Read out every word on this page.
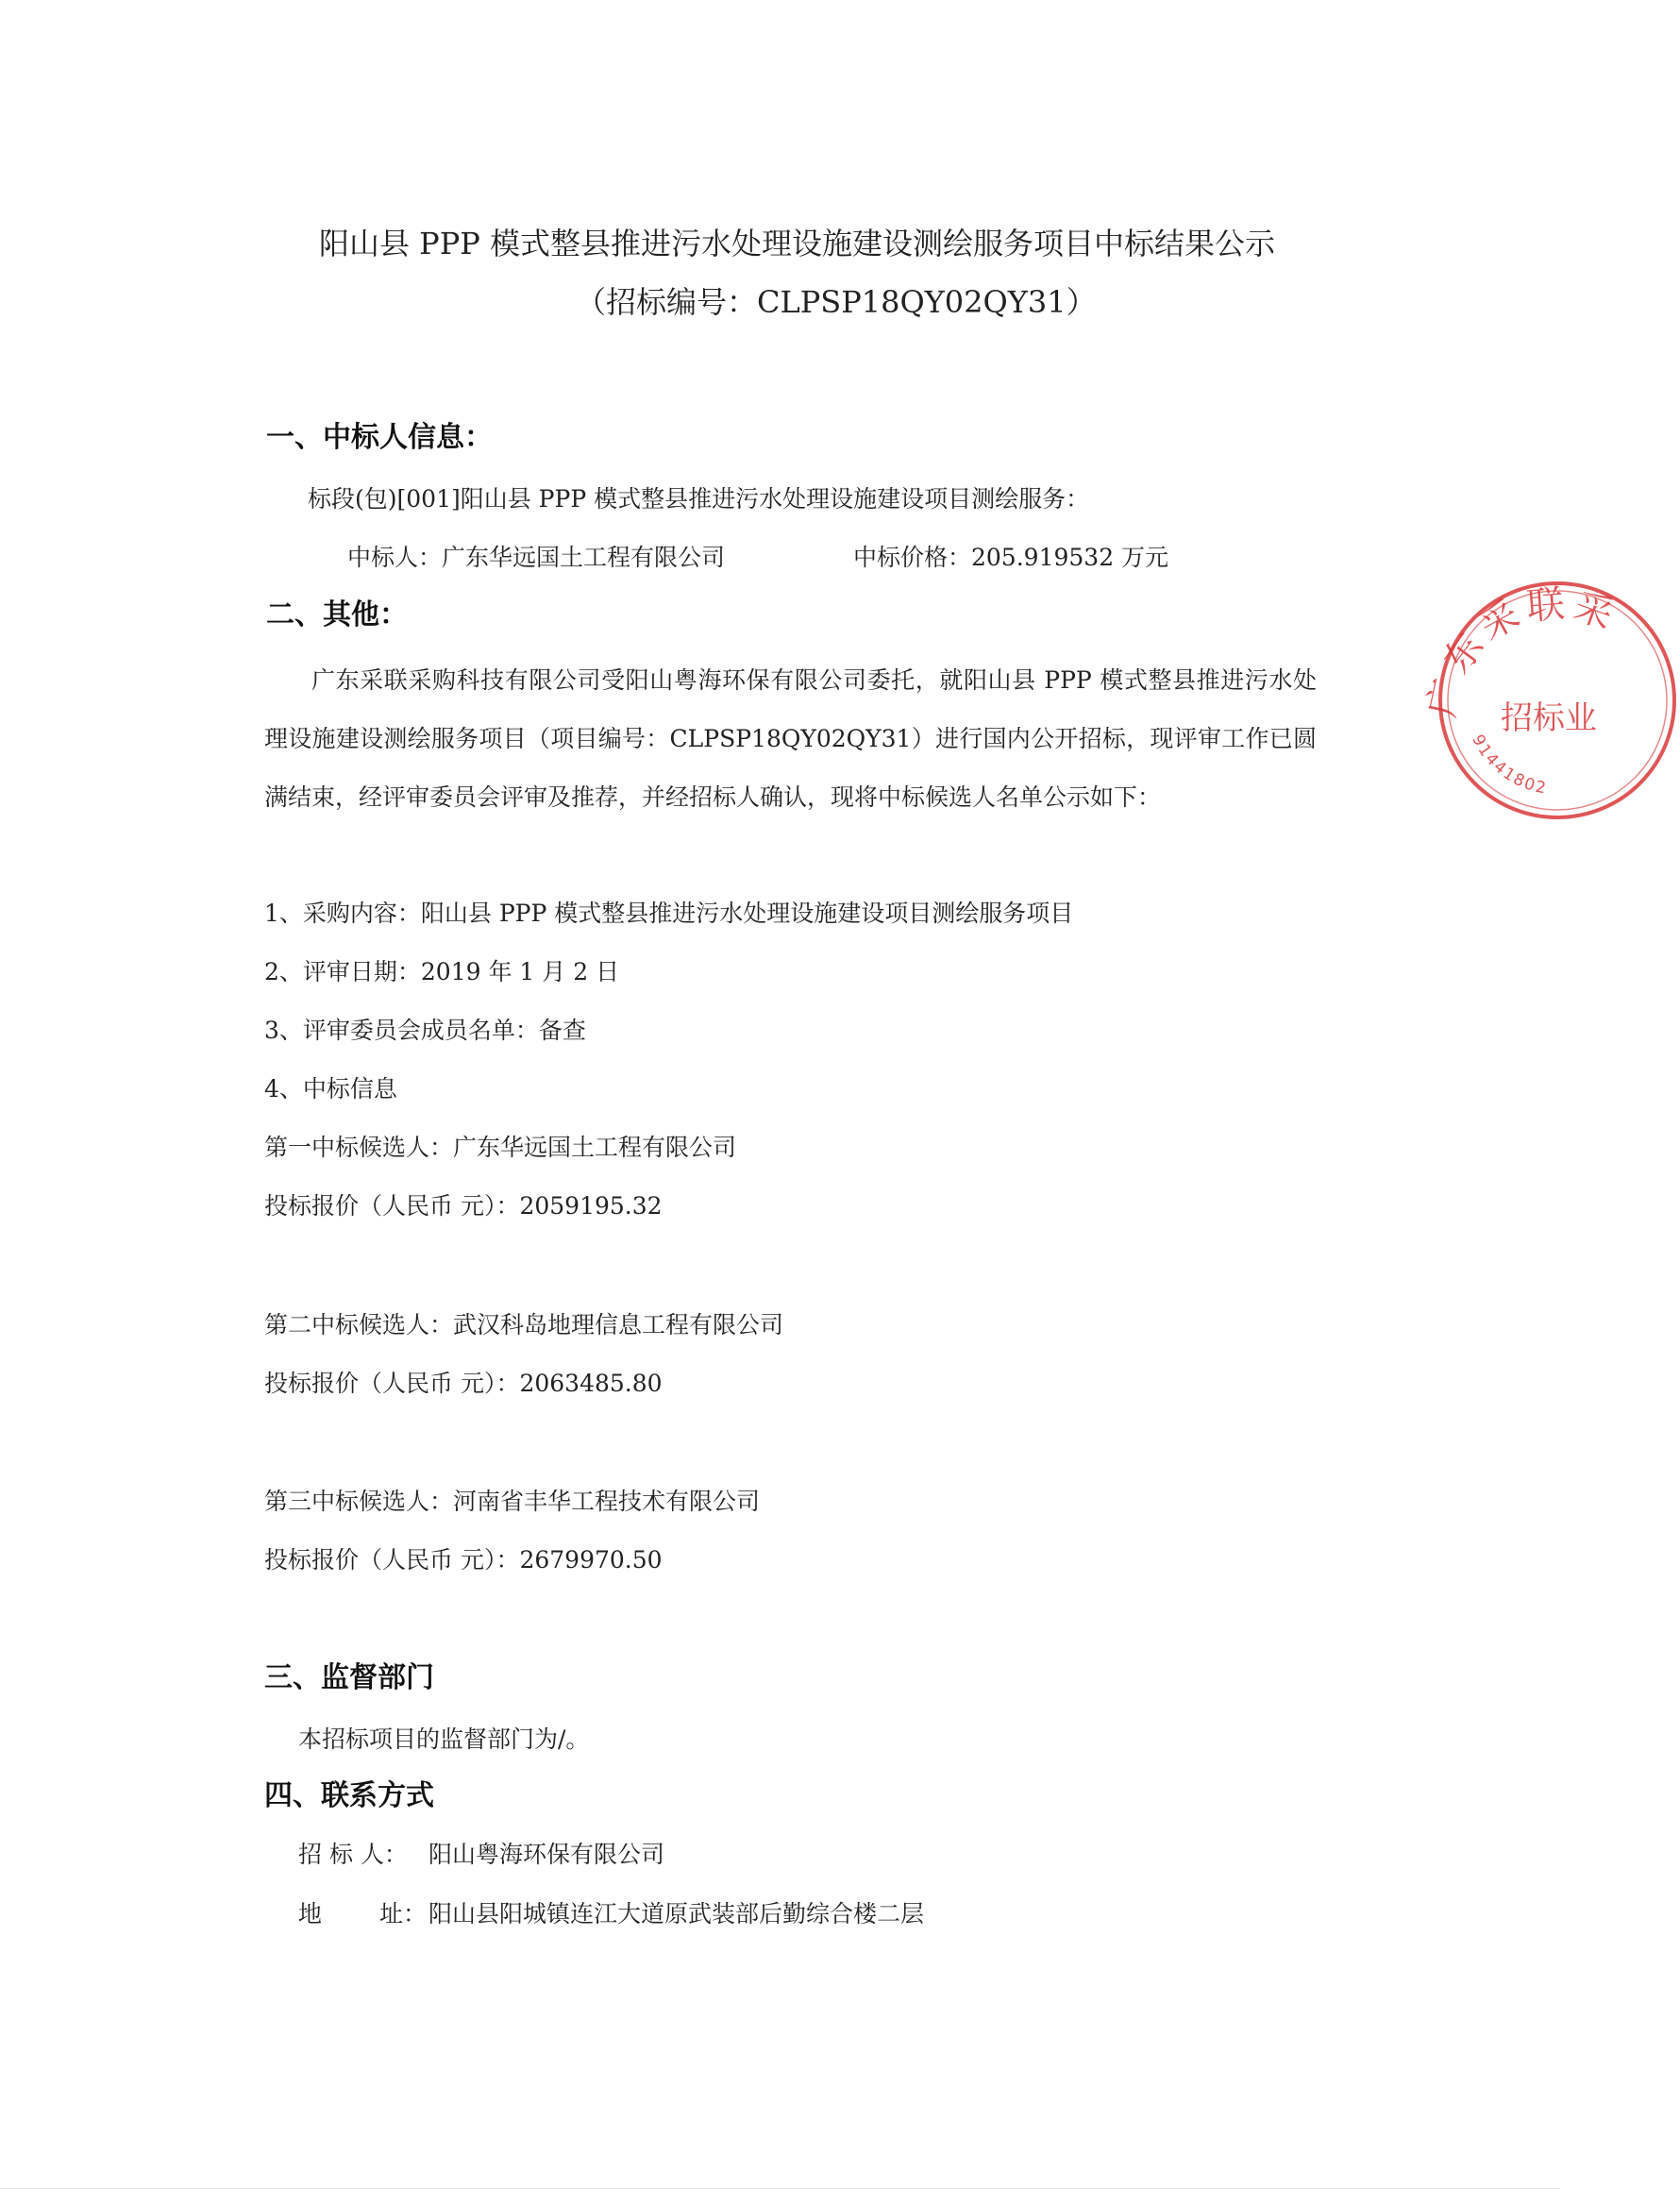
阳山县 PPP 模式整县推进污水处理设施建设测绘服务项目中标结果公示
（招标编号：CLPSP18QY02QY31）
一、中标人信息：
标段(包)[001]阳山县 PPP 模式整县推进污水处理设施建设项目测绘服务：
中标人：广东华远国土工程有限公司	中标价格：205.919532 万元
二、其他：
广东采联采购科技有限公司受阳山粤海环保有限公司委托，就阳山县 PPP 模式整县推进污水处理设施建设测绘服务项目（项目编号：CLPSP18QY02QY31）进行国内公开招标，现评审工作已圆满结束，经评审委员会评审及推荐，并经招标人确认，现将中标候选人名单公示如下：
1、采购内容：阳山县 PPP 模式整县推进污水处理设施建设项目测绘服务项目
2、评审日期：2019 年 1 月 2 日
3、评审委员会成员名单：备查
4、中标信息
第一中标候选人：广东华远国土工程有限公司
投标报价（人民币 元）：2059195.32
第二中标候选人：武汉科岛地理信息工程有限公司
投标报价（人民币 元）：2063485.80
第三中标候选人：河南省丰华工程技术有限公司
投标报价（人民币 元）：2679970.50
三、监督部门
本招标项目的监督部门为/。
四、联系方式
招 标 人： 阳山粤海环保有限公司
地 址： 阳山县阳城镇连江大道原武装部后勤综合楼二层
广东采联采
招标业
91441802
